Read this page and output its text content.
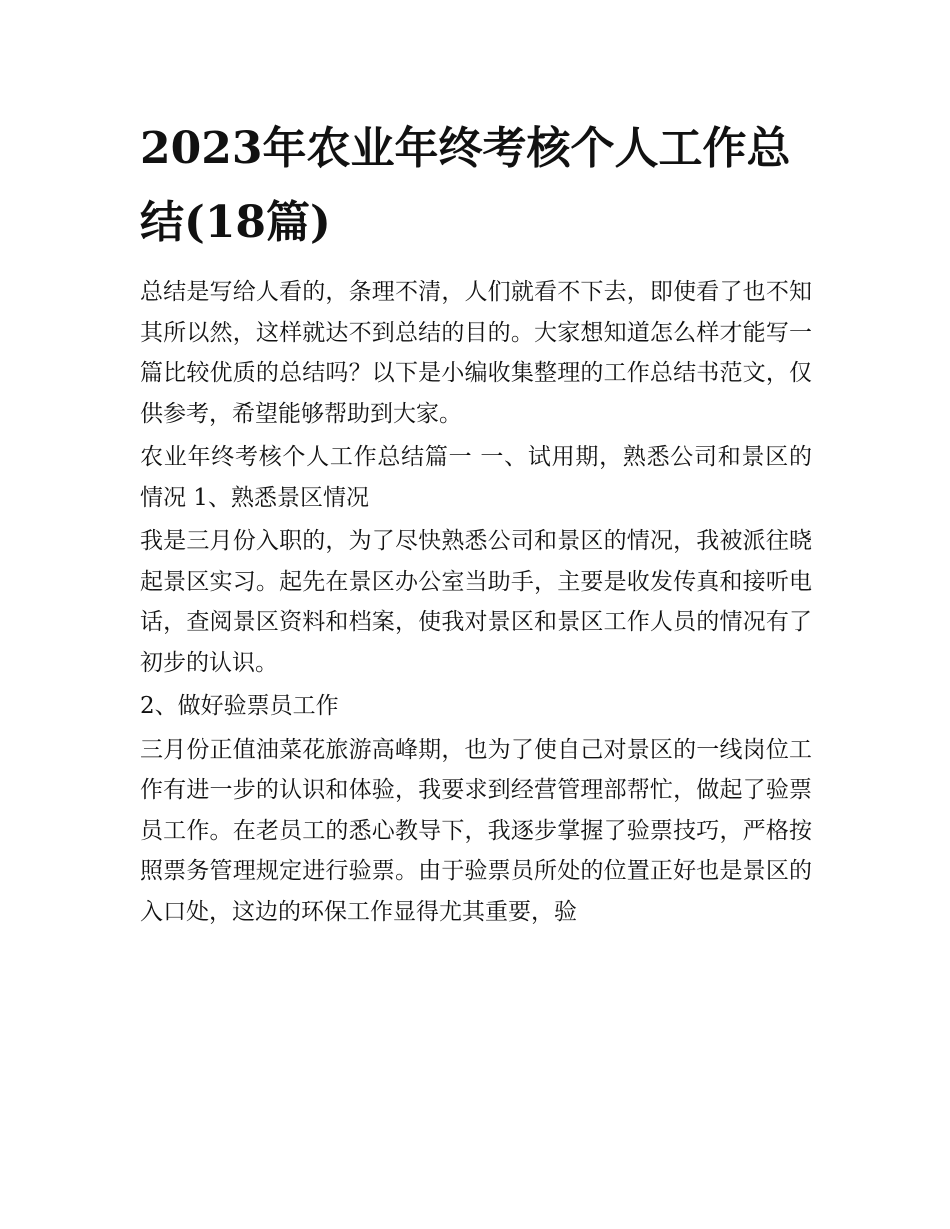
2023年农业年终考核个人工作总结(18篇)

总结是写给人看的，条理不清，人们就看不下去，即使看了也不知其所以然，这样就达不到总结的目的。大家想知道怎么样才能写一篇比较优质的总结吗？以下是小编收集整理的工作总结书范文，仅供参考，希望能够帮助到大家。

农业年终考核个人工作总结篇一 一、试用期，熟悉公司和景区的情况 1、熟悉景区情况

我是三月份入职的，为了尽快熟悉公司和景区的情况，我被派往晓起景区实习。起先在景区办公室当助手，主要是收发传真和接听电话，查阅景区资料和档案，使我对景区和景区工作人员的情况有了初步的认识。

2、做好验票员工作

三月份正值油菜花旅游高峰期，也为了使自己对景区的一线岗位工作有进一步的认识和体验，我要求到经营管理部帮忙，做起了验票员工作。在老员工的悉心教导下，我逐步掌握了验票技巧，严格按照票务管理规定进行验票。由于验票员所处的位置正好也是景区的入口处，这边的环保工作显得尤其重要，验
